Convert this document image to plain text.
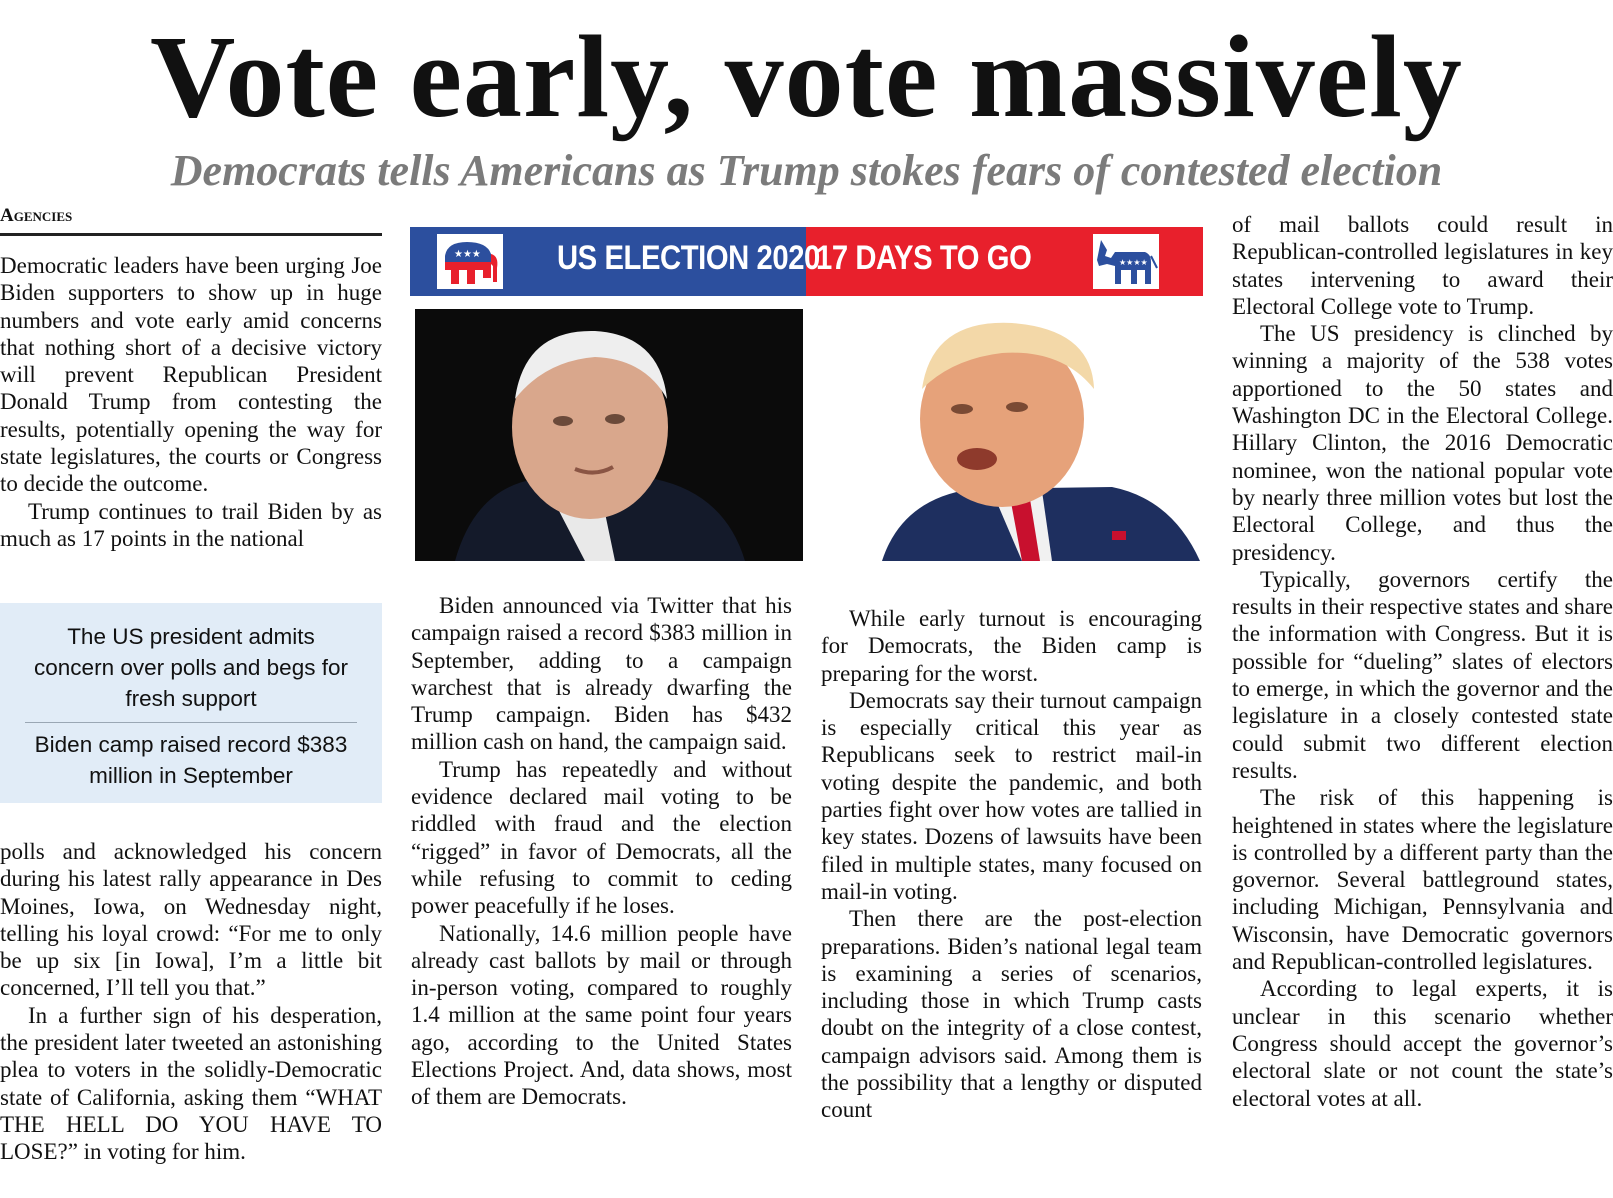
Vote early, vote massively
Democrats tells Americans as Trump stokes fears of contested election
Agencies

Democratic leaders have been urging Joe Biden supporters to show up in huge numbers and vote early amid concerns that nothing short of a decisive victory will prevent Republican President Donald Trump from contesting the results, potentially opening the way for state legislatures, the courts or Congress to decide the outcome.

Trump continues to trail Biden by as much as 17 points in the national

The US president admits concern over polls and begs for fresh support
Biden camp raised record $383 million in September

polls and acknowledged his concern during his latest rally appearance in Des Moines, Iowa, on Wednesday night, telling his loyal crowd: “For me to only be up six [in Iowa], I’m a little bit concerned, I’ll tell you that.”

In a further sign of his desperation, the president later tweeted an astonishing plea to voters in the solidly-Democratic state of California, asking them “WHAT THE HELL DO YOU HAVE TO LOSE?” in voting for him.

★★★ US ELECTION 2020
17 DAYS TO GO	★★★★

Biden announced via Twitter that his campaign raised a record $383 million in September, adding to a campaign warchest that is already dwarfing the Trump campaign. Biden has $432 million cash on hand, the campaign said.

Trump has repeatedly and without evidence declared mail voting to be riddled with fraud and the election “rigged” in favor of Democrats, all the while refusing to commit to ceding power peacefully if he loses.

Nationally, 14.6 million people have already cast ballots by mail or through in-person voting, compared to roughly 1.4 million at the same point four years ago, according to the United States Elections Project. And, data shows, most of them are Democrats.

While early turnout is encouraging for Democrats, the Biden camp is preparing for the worst.

Democrats say their turnout campaign is especially critical this year as Republicans seek to restrict mail-in voting despite the pandemic, and both parties fight over how votes are tallied in key states. Dozens of lawsuits have been filed in multiple states, many focused on mail-in voting.

Then there are the post-election preparations. Biden’s national legal team is examining a series of scenarios, including those in which Trump casts doubt on the integrity of a close contest, campaign advisors said. Among them is the possibility that a lengthy or disputed count

of mail ballots could result in Republican-controlled legislatures in key states intervening to award their Electoral College vote to Trump.

The US presidency is clinched by winning a majority of the 538 votes apportioned to the 50 states and Washington DC in the Electoral College. Hillary Clinton, the 2016 Democratic nominee, won the national popular vote by nearly three million votes but lost the Electoral College, and thus the presidency.

Typically, governors certify the results in their respective states and share the information with Congress. But it is possible for “dueling” slates of electors to emerge, in which the governor and the legislature in a closely contested state could submit two different election results.

The risk of this happening is heightened in states where the legislature is controlled by a different party than the governor. Several battleground states, including Michigan, Pennsylvania and Wisconsin, have Democratic governors and Republican-controlled legislatures.

According to legal experts, it is unclear in this scenario whether Congress should accept the governor’s electoral slate or not count the state’s electoral votes at all.
